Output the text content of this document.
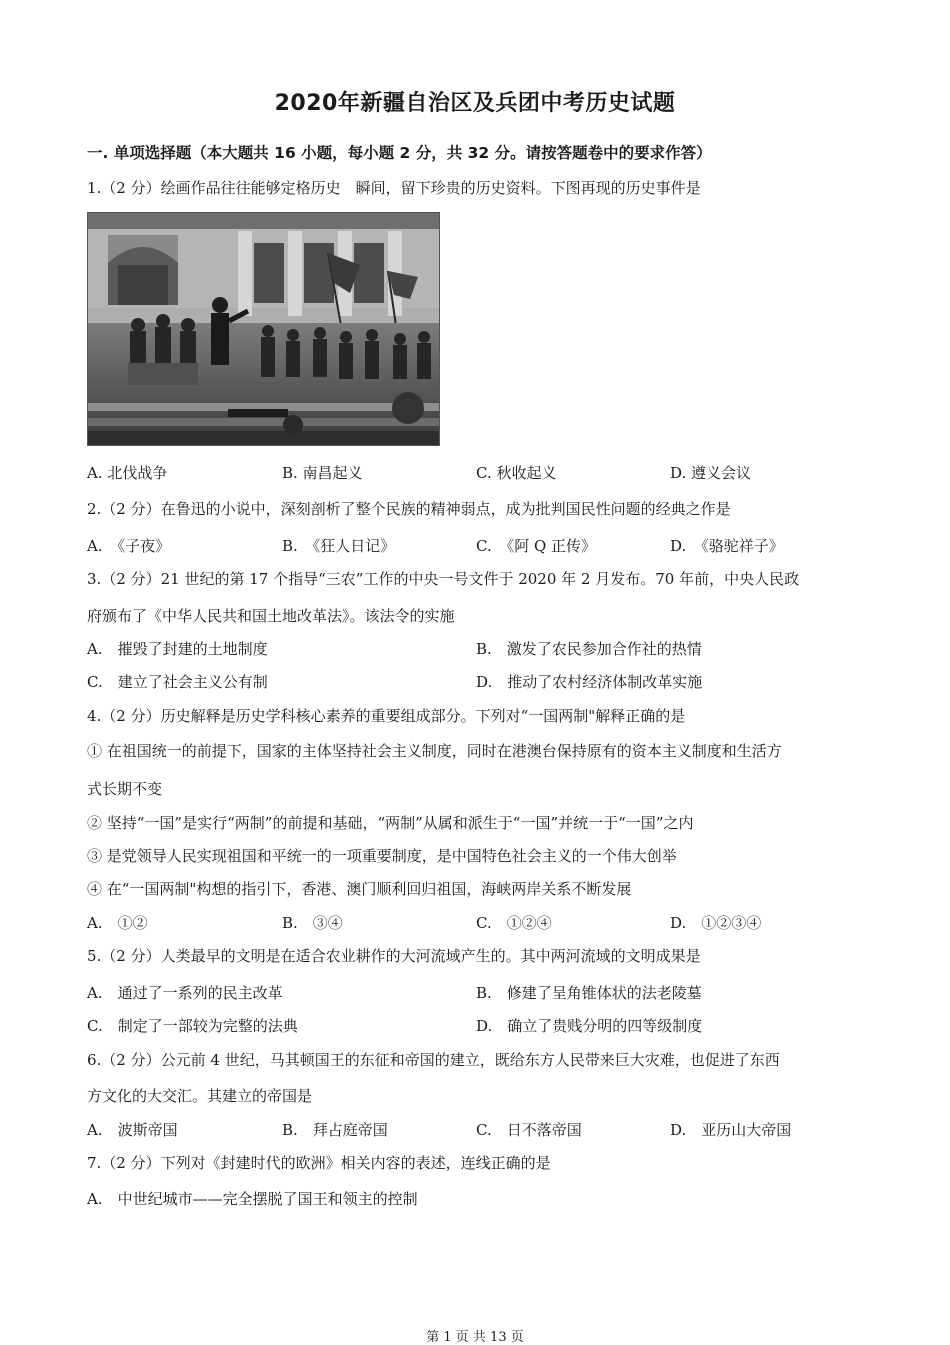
2020年新疆自治区及兵团中考历史试题
一. 单项选择题（本大题共 16 小题，每小题 2 分，共 32 分。请按答题卷中的要求作答）
1.（2 分）绘画作品往往能够定格历史　瞬间，留下珍贵的历史资料。下图再现的历史事件是
A. 北伐战争	B. 南昌起义	C. 秋收起义	D. 遵义会议
2.（2 分）在鲁迅的小说中，深刻剖析了整个民族的精神弱点，成为批判国民性问题的经典之作是
A.　《子夜》	B.　《狂人日记》	C.　《阿 Q 正传》	D.　《骆驼祥子》
3.（2 分）21 世纪的第 17 个指导“三农”工作的中央一号文件于 2020 年 2 月发布。70 年前，中央人民政
府颁布了《中华人民共和国土地改革法》。该法令的实施
A.　摧毁了封建的土地制度	B.　激发了农民参加合作社的热情
C.　建立了社会主义公有制	D.　推动了农村经济体制改革实施
4.（2 分）历史解释是历史学科核心素养的重要组成部分。下列对“一国两制"解释正确的是
① 在祖国统一的前提下，国家的主体坚持社会主义制度，同时在港澳台保持原有的资本主义制度和生活方
式长期不变
② 坚持“一国”是实行“两制”的前提和基础，“两制”从属和派生于“一国”并统一于“一国”之内
③ 是党领导人民实现祖国和平统一的一项重要制度，是中国特色社会主义的一个伟大创举
④ 在“一国两制"构想的指引下，香港、澳门顺利回归祖国，海峡两岸关系不断发展
A.　①②	B.　③④	C.　①②④	D.　①②③④
5.（2 分）人类最早的文明是在适合农业耕作的大河流域产生的。其中两河流域的文明成果是
A.　通过了一系列的民主改革	B.　修建了呈角锥体状的法老陵墓
C.　制定了一部较为完整的法典	D.　确立了贵贱分明的四等级制度
6.（2 分）公元前 4 世纪，马其顿国王的东征和帝国的建立，既给东方人民带来巨大灾难，也促进了东西
方文化的大交汇。其建立的帝国是
A.　波斯帝国	B.　拜占庭帝国	C.　日不落帝国	D.　亚历山大帝国
7.（2 分）下列对《封建时代的欧洲》相关内容的表述，连线正确的是
A.　中世纪城市——完全摆脱了国王和领主的控制
第 1 页 共 13 页
